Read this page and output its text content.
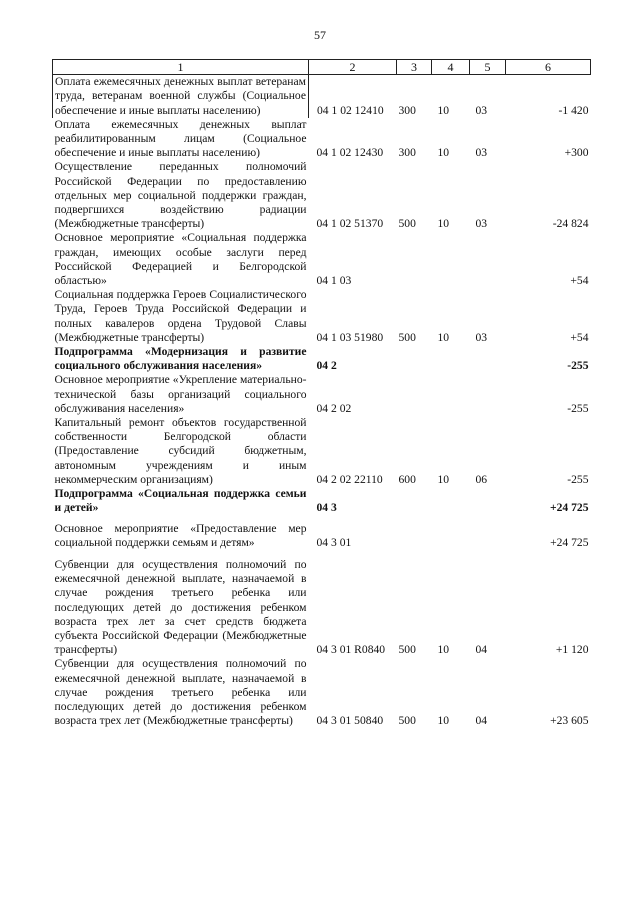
57
1	2	3	4	5	6
Оплата ежемесячных денежных выплат ветеранам труда, ветеранам военной службы (Социальное обеспечение и иные выплаты населению)	04 1 02 12410	300	10	03	-1 420
Оплата ежемесячных денежных выплат реабилитированным лицам (Социальное обеспечение и иные выплаты населению)	04 1 02 12430	300	10	03	+300
Осуществление переданных полномочий Российской Федерации по предоставлению отдельных мер социальной поддержки граждан, подвергшихся воздействию радиации (Межбюджетные трансферты)	04 1 02 51370	500	10	03	-24 824
Основное мероприятие «Социальная поддержка граждан, имеющих особые заслуги перед Российской Федерацией и Белгородской областью»	04 1 03				+54
Социальная поддержка Героев Социалистического Труда, Героев Труда Российской Федерации и полных кавалеров ордена Трудовой Славы (Межбюджетные трансферты)	04 1 03 51980	500	10	03	+54
Подпрограмма «Модернизация и развитие социального обслуживания населения»	04 2				-255
Основное мероприятие «Укрепление материально-технической базы организаций социального обслуживания населения»	04 2 02				-255
Капитальный ремонт объектов государственной собственности Белгородской области (Предоставление субсидий бюджетным, автономным учреждениям и иным некоммерческим организациям)	04 2 02 22110	600	10	06	-255
Подпрограмма «Социальная поддержка семьи и детей»	04 3				+24 725
Основное мероприятие «Предоставление мер социальной поддержки семьям и детям»	04 3 01				+24 725
Субвенции для осуществления полномочий по ежемесячной денежной выплате, назначаемой в случае рождения третьего ребенка или последующих детей до достижения ребенком возраста трех лет за счет средств бюджета субъекта Российской Федерации (Межбюджетные трансферты)	04 3 01 R0840	500	10	04	+1 120
Субвенции для осуществления полномочий по ежемесячной денежной выплате, назначаемой в случае рождения третьего ребенка или последующих детей до достижения ребенком возраста трех лет (Межбюджетные трансферты)	04 3 01 50840	500	10	04	+23 605
